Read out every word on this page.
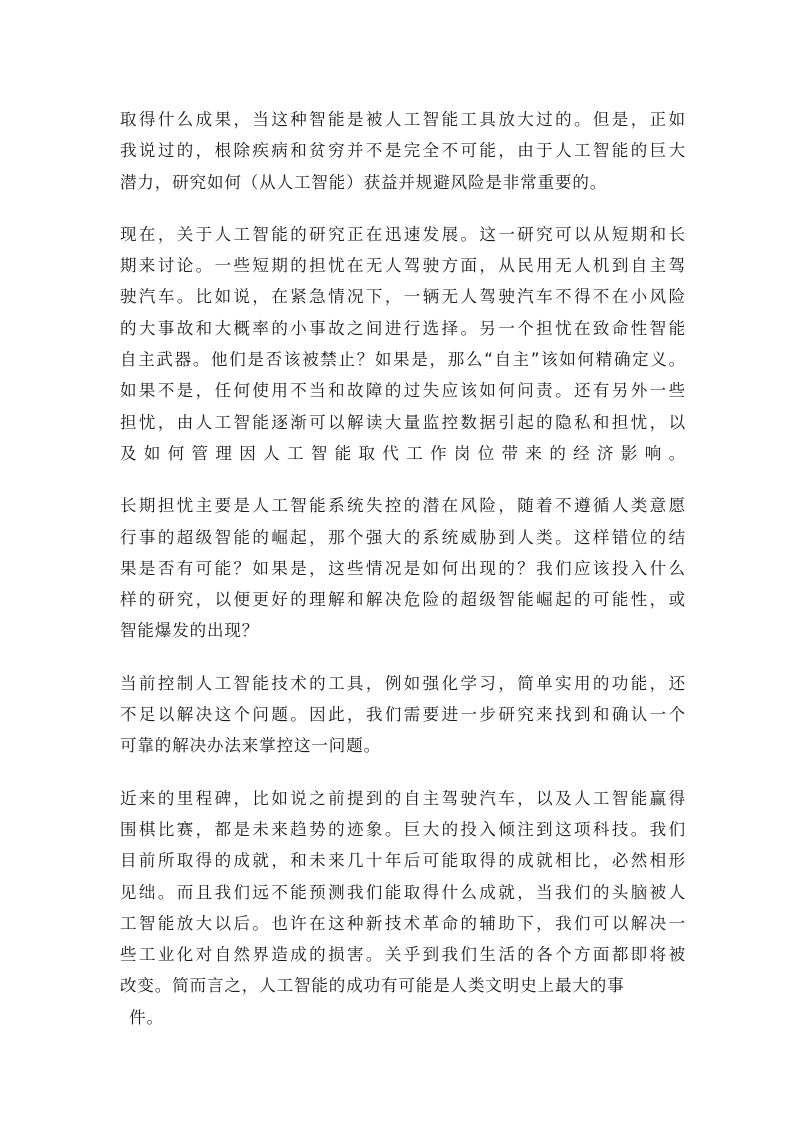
取得什么成果，当这种智能是被人工智能工具放大过的。但是，正如
我说过的，根除疾病和贫穷并不是完全不可能，由于人工智能的巨大
潜力，研究如何（从人工智能）获益并规避风险是非常重要的。
现在，关于人工智能的研究正在迅速发展。这一研究可以从短期和长
期来讨论。一些短期的担忧在无人驾驶方面，从民用无人机到自主驾
驶汽车。比如说，在紧急情况下，一辆无人驾驶汽车不得不在小风险
的大事故和大概率的小事故之间进行选择。另一个担忧在致命性智能
自主武器。他们是否该被禁止？如果是，那么“自主”该如何精确定义。
如果不是，任何使用不当和故障的过失应该如何问责。还有另外一些
担忧，由人工智能逐渐可以解读大量监控数据引起的隐私和担忧，以
及如何管理因人工智能取代工作岗位带来的经济影响。
长期担忧主要是人工智能系统失控的潜在风险，随着不遵循人类意愿
行事的超级智能的崛起，那个强大的系统威胁到人类。这样错位的结
果是否有可能？如果是，这些情况是如何出现的？我们应该投入什么
样的研究，以便更好的理解和解决危险的超级智能崛起的可能性，或
智能爆发的出现？
当前控制人工智能技术的工具，例如强化学习，简单实用的功能，还
不足以解决这个问题。因此，我们需要进一步研究来找到和确认一个
可靠的解决办法来掌控这一问题。
近来的里程碑，比如说之前提到的自主驾驶汽车，以及人工智能赢得
围棋比赛，都是未来趋势的迹象。巨大的投入倾注到这项科技。我们
目前所取得的成就，和未来几十年后可能取得的成就相比，必然相形
见绌。而且我们远不能预测我们能取得什么成就，当我们的头脑被人
工智能放大以后。也许在这种新技术革命的辅助下，我们可以解决一
些工业化对自然界造成的损害。关乎到我们生活的各个方面都即将被
改变。简而言之，人工智能的成功有可能是人类文明史上最大的事
件。
